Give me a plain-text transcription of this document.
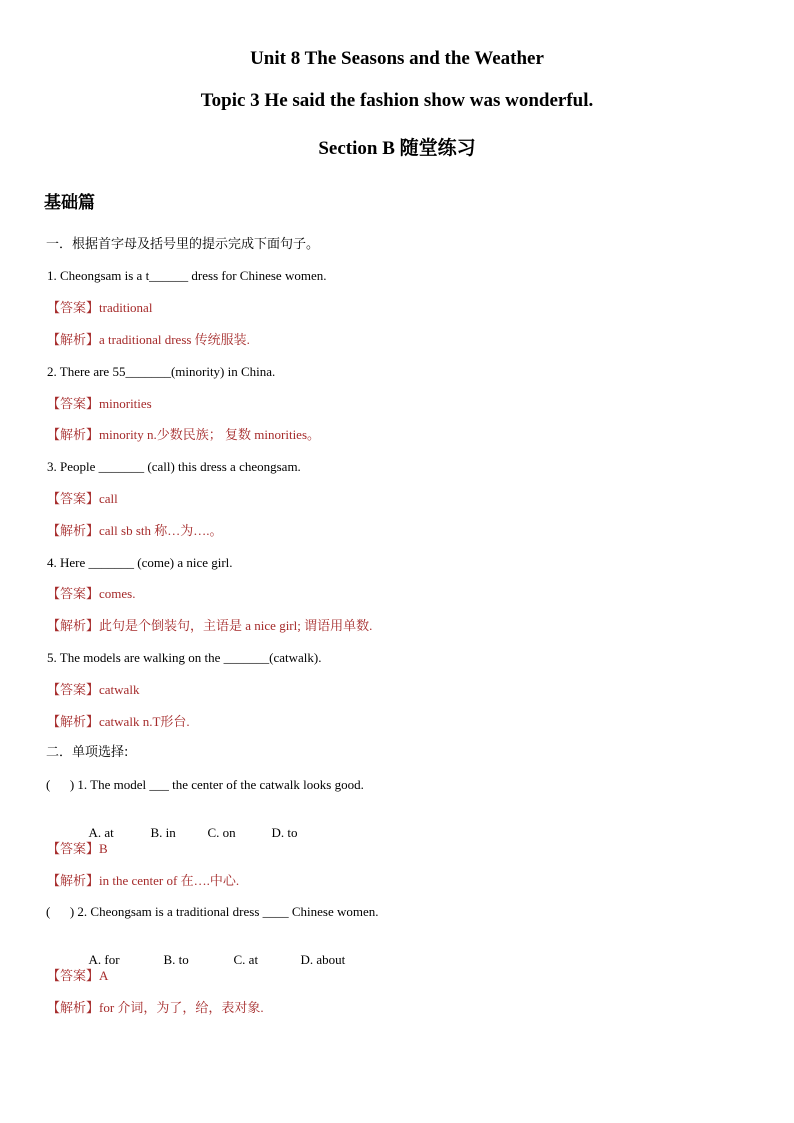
Unit 8 The Seasons and the Weather
Topic 3 He said the fashion show was wonderful.
Section B 随堂练习
基础篇
一．根据首字母及括号里的提示完成下面句子。
1. Cheongsam is a t______ dress for Chinese women.
【答案】traditional
【解析】a traditional dress 传统服装.
2. There are 55_______(minority) in China.
【答案】minorities
【解析】minority n.少数民族； 复数 minorities。
3. People _______ (call) this dress a cheongsam.
【答案】call
【解析】call sb sth 称…为….。
4. Here _______ (come) a nice girl.
【答案】comes.
【解析】此句是个倒装句，主语是 a nice girl; 谓语用单数.
5. The models are walking on the _______(catwalk).
【答案】catwalk
【解析】catwalk n.T形台.
二．单项选择:
(      ) 1. The model ___ the center of the catwalk looks good.

A. at	B. in C. on	D. to

【答案】B
【解析】in the center of 在….中心.
(      ) 2. Cheongsam is a traditional dress ____ Chinese women.

A. for	B. to	C. at	D. about

【答案】A
【解析】for 介词，为了，给，表对象.
